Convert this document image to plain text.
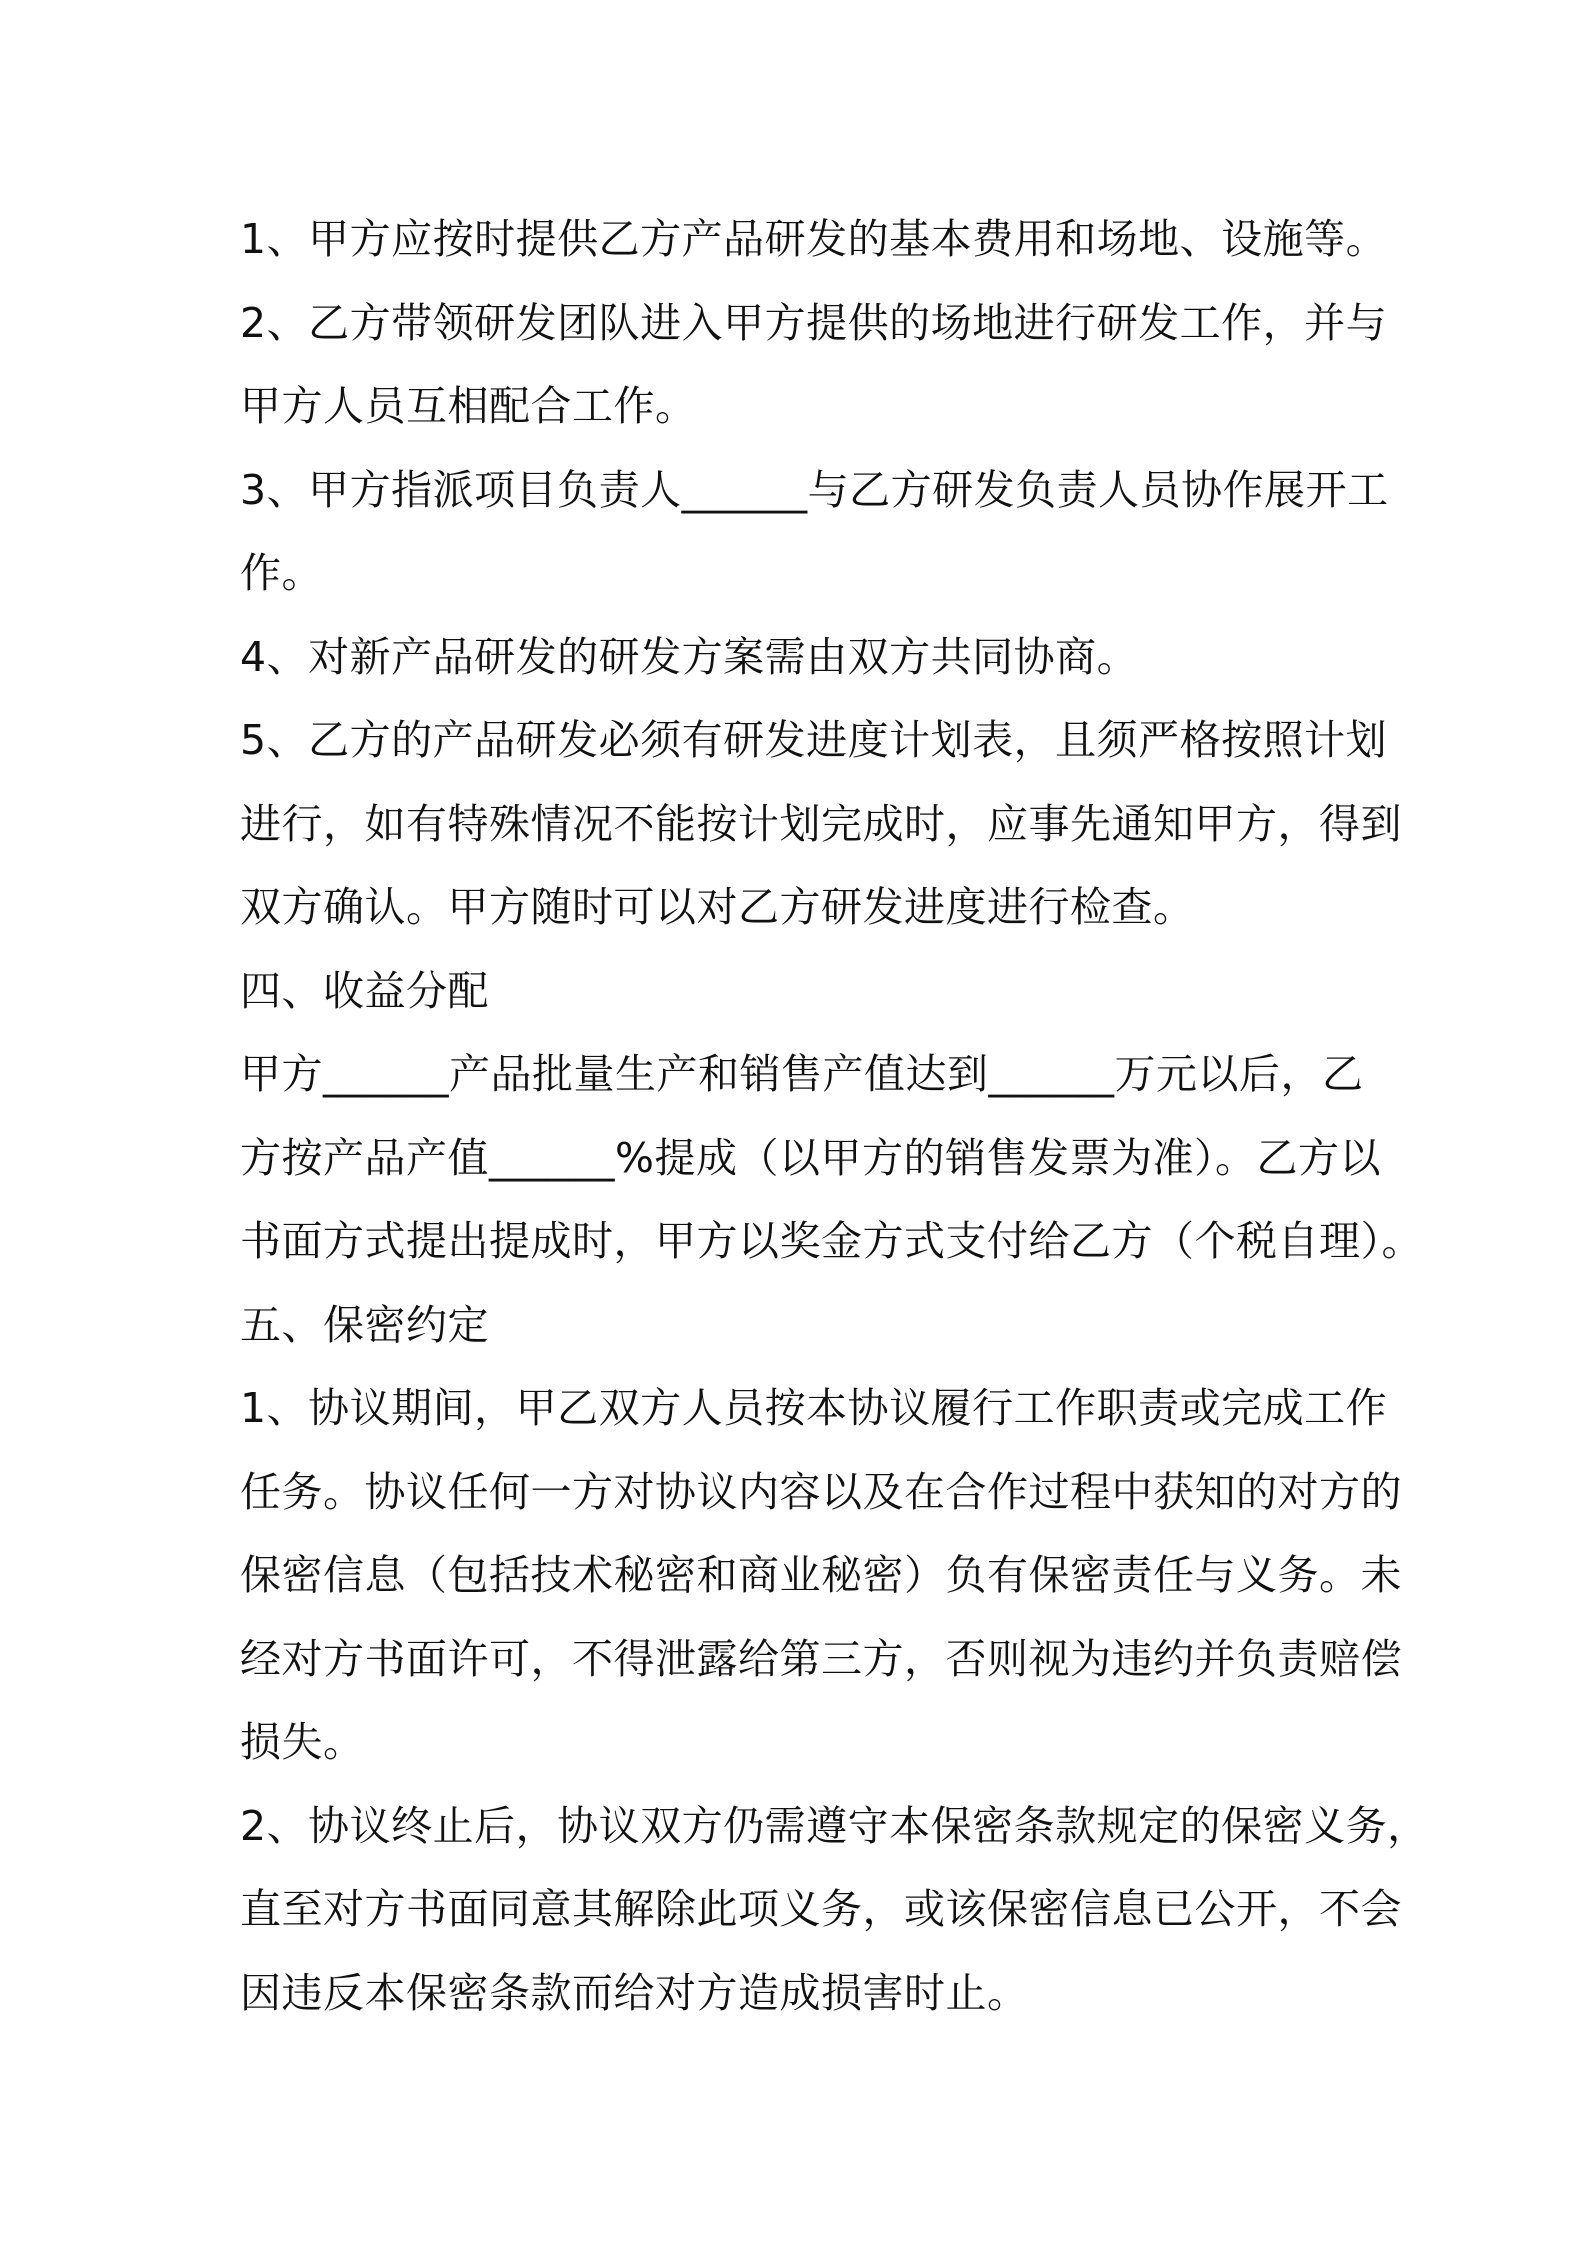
1、甲方应按时提供乙方产品研发的基本费用和场地、设施等。
2、乙方带领研发团队进入甲方提供的场地进行研发工作，并与
甲方人员互相配合工作。
3、甲方指派项目负责人______与乙方研发负责人员协作展开工
作。
4、对新产品研发的研发方案需由双方共同协商。
5、乙方的产品研发必须有研发进度计划表，且须严格按照计划
进行，如有特殊情况不能按计划完成时，应事先通知甲方，得到
双方确认。甲方随时可以对乙方研发进度进行检查。
四、收益分配
甲方______产品批量生产和销售产值达到______万元以后，乙
方按产品产值______%提成（以甲方的销售发票为准）。乙方以
书面方式提出提成时，甲方以奖金方式支付给乙方（个税自理）。
五、保密约定
1、协议期间，甲乙双方人员按本协议履行工作职责或完成工作
任务。协议任何一方对协议内容以及在合作过程中获知的对方的
保密信息（包括技术秘密和商业秘密）负有保密责任与义务。未
经对方书面许可，不得泄露给第三方，否则视为违约并负责赔偿
损失。
2、协议终止后，协议双方仍需遵守本保密条款规定的保密义务，
直至对方书面同意其解除此项义务，或该保密信息已公开，不会
因违反本保密条款而给对方造成损害时止。
